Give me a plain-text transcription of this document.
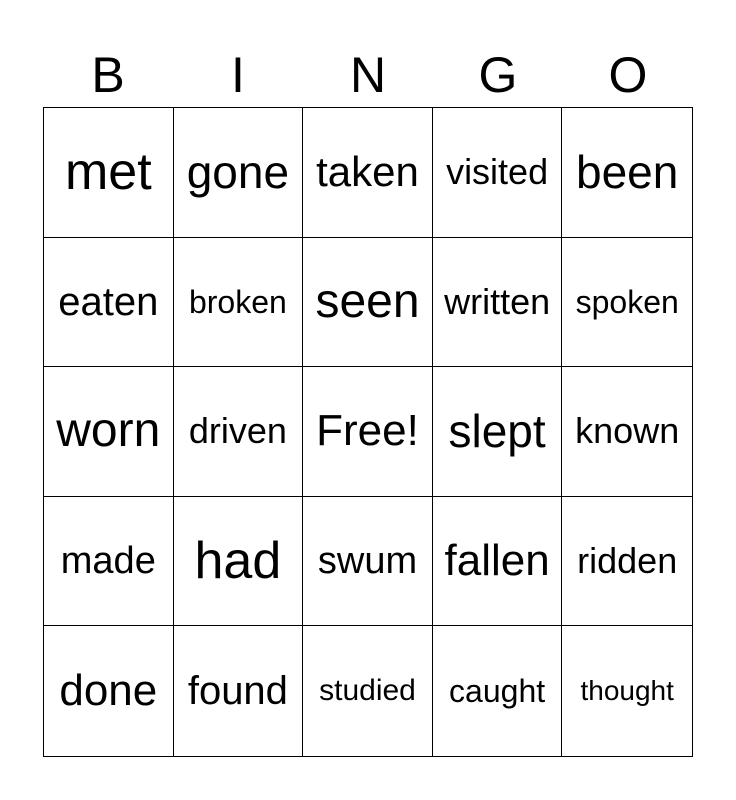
B	I	N	G	O
met gone taken visited been
eaten broken seen written spoken
worn driven Free! slept known
made had swum fallen ridden
done found	studied	caught	thought
